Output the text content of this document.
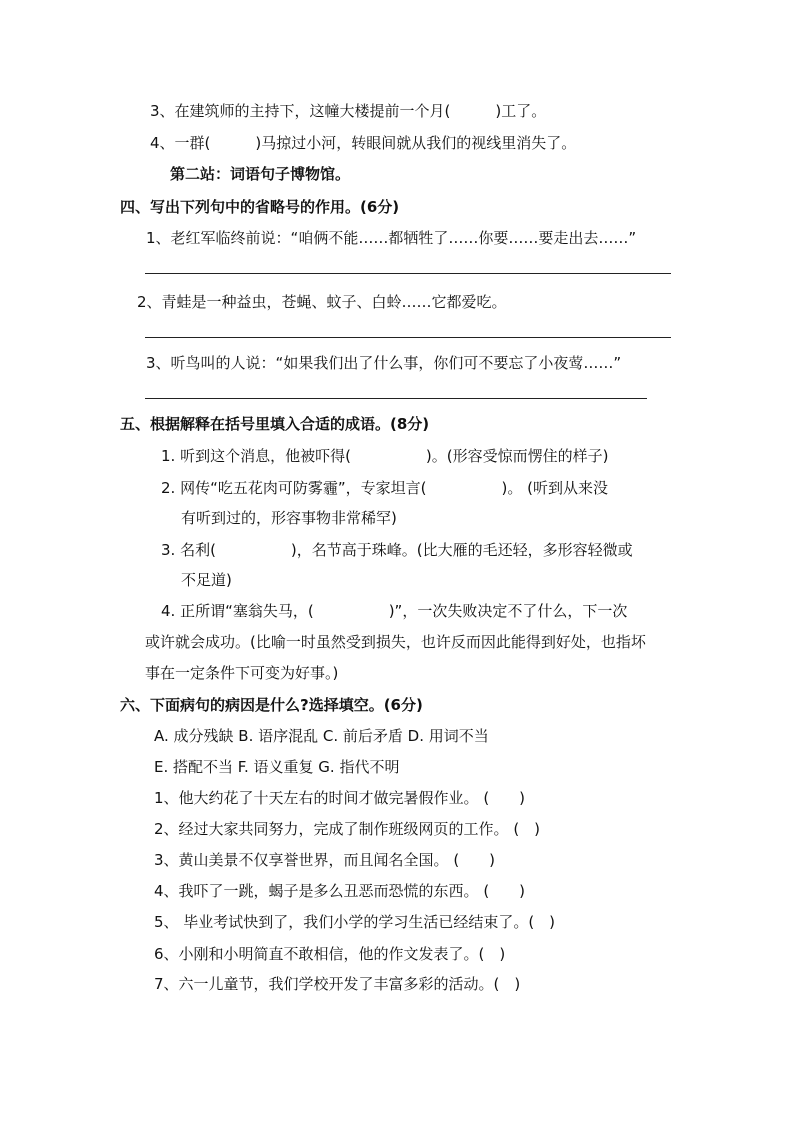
3、在建筑师的主持下，这幢大楼提前一个月(　　　)工了。
4、一群(　　　)马掠过小河，转眼间就从我们的视线里消失了。
第二站：词语句子博物馆。
四、写出下列句中的省略号的作用。(6分)
1、老红军临终前说：“咱俩不能……都牺牲了……你要……要走出去……”
2、青蛙是一种益虫，苍蝇、蚊子、白蛉……它都爱吃。
3、听鸟叫的人说：“如果我们出了什么事，你们可不要忘了小夜莺……”
五、根据解释在括号里填入合适的成语。(8分)
1. 听到这个消息，他被吓得(　　　　　)。(形容受惊而愣住的样子)
2. 网传“吃五花肉可防雾霾”，专家坦言(　　　　　)。 (听到从来没
有听到过的，形容事物非常稀罕)
3. 名利(　　　　　)，名节高于珠峰。(比大雁的毛还轻，多形容轻微或
不足道)
4. 正所谓“塞翁失马，(　　　　　)”，一次失败决定不了什么，下一次
或许就会成功。(比喻一时虽然受到损失，也许反而因此能得到好处，也指坏
事在一定条件下可变为好事。)
六、下面病句的病因是什么?选择填空。(6分)
A. 成分残缺 B. 语序混乱 C. 前后矛盾 D. 用词不当
E. 搭配不当 F. 语义重复 G. 指代不明
1、他大约花了十天左右的时间才做完暑假作业。 (　　)
2、经过大家共同努力，完成了制作班级网页的工作。 (　)
3、黄山美景不仅享誉世界，而且闻名全国。 (　　)
4、我吓了一跳，蝎子是多么丑恶而恐慌的东西。 (　　)
5、 毕业考试快到了，我们小学的学习生活已经结束了。(　)
6、小刚和小明简直不敢相信，他的作文发表了。(　)
7、六一儿童节，我们学校开发了丰富多彩的活动。(　)
